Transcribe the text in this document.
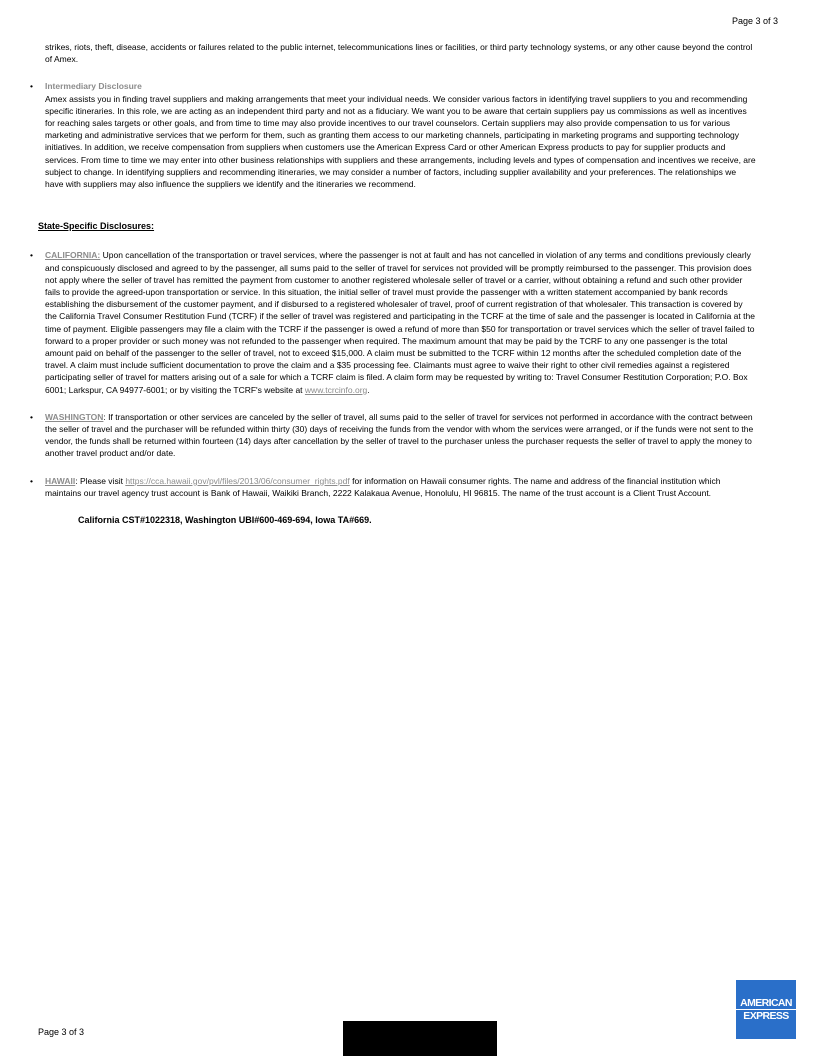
Page 3 of 3
strikes, riots, theft, disease, accidents or failures related to the public internet, telecommunications lines or facilities, or third party technology systems, or any other cause beyond the control of Amex.
• Intermediary Disclosure
Amex assists you in finding travel suppliers and making arrangements that meet your individual needs. We consider various factors in identifying travel suppliers to you and recommending specific itineraries. In this role, we are acting as an independent third party and not as a fiduciary. We want you to be aware that certain suppliers pay us commissions as well as incentives for reaching sales targets or other goals, and from time to time may also provide incentives to our travel counselors. Certain suppliers may also provide compensation to us for various marketing and administrative services that we perform for them, such as granting them access to our marketing channels, participating in marketing programs and supporting technology initiatives. In addition, we receive compensation from suppliers when customers use the American Express Card or other American Express products to pay for supplier products and services. From time to time we may enter into other business relationships with suppliers and these arrangements, including levels and types of compensation and incentives we receive, are subject to change. In identifying suppliers and recommending itineraries, we may consider a number of factors, including supplier availability and your preferences. The relationships we have with suppliers may also influence the suppliers we identify and the itineraries we recommend.
State-Specific Disclosures:
• CALIFORNIA: Upon cancellation of the transportation or travel services, where the passenger is not at fault and has not cancelled in violation of any terms and conditions previously clearly and conspicuously disclosed and agreed to by the passenger, all sums paid to the seller of travel for services not provided will be promptly reimbursed to the passenger. This provision does not apply where the seller of travel has remitted the payment from customer to another registered wholesale seller of travel or a carrier, without obtaining a refund and such other provider fails to provide the agreed-upon transportation or service. In this situation, the initial seller of travel must provide the passenger with a written statement accompanied by bank records establishing the disbursement of the customer payment, and if disbursed to a registered wholesaler of travel, proof of current registration of that wholesaler. This transaction is covered by the California Travel Consumer Restitution Fund (TCRF) if the seller of travel was registered and participating in the TCRF at the time of sale and the passenger is located in California at the time of payment. Eligible passengers may file a claim with the TCRF if the passenger is owed a refund of more than $50 for transportation or travel services which the seller of travel failed to forward to a proper provider or such money was not refunded to the passenger when required. The maximum amount that may be paid by the TCRF to any one passenger is the total amount paid on behalf of the passenger to the seller of travel, not to exceed $15,000. A claim must be submitted to the TCRF within 12 months after the scheduled completion date of the travel. A claim must include sufficient documentation to prove the claim and a $35 processing fee. Claimants must agree to waive their right to other civil remedies against a registered participating seller of travel for matters arising out of a sale for which a TCRF claim is filed. A claim form may be requested by writing to: Travel Consumer Restitution Corporation; P.O. Box 6001; Larkspur, CA 94977-6001; or by visiting the TCRF's website at www.tcrcinfo.org.
• WASHINGTON: If transportation or other services are canceled by the seller of travel, all sums paid to the seller of travel for services not performed in accordance with the contract between the seller of travel and the purchaser will be refunded within thirty (30) days of receiving the funds from the vendor with whom the services were arranged, or if the funds were not sent to the vendor, the funds shall be returned within fourteen (14) days after cancellation by the seller of travel to the purchaser unless the purchaser requests the seller of travel to apply the money to another travel product and/or date.
• HAWAII: Please visit https://cca.hawaii.gov/pvl/files/2013/06/consumer_rights.pdf for information on Hawaii consumer rights. The name and address of the financial institution which maintains our travel agency trust account is Bank of Hawaii, Waikiki Branch, 2222 Kalakaua Avenue, Honolulu, HI 96815. The name of the trust account is a Client Trust Account.
California CST#1022318, Washington UBI#600-469-694, Iowa TA#669.
Page 3 of 3
AMERICAN
EXPRESS
